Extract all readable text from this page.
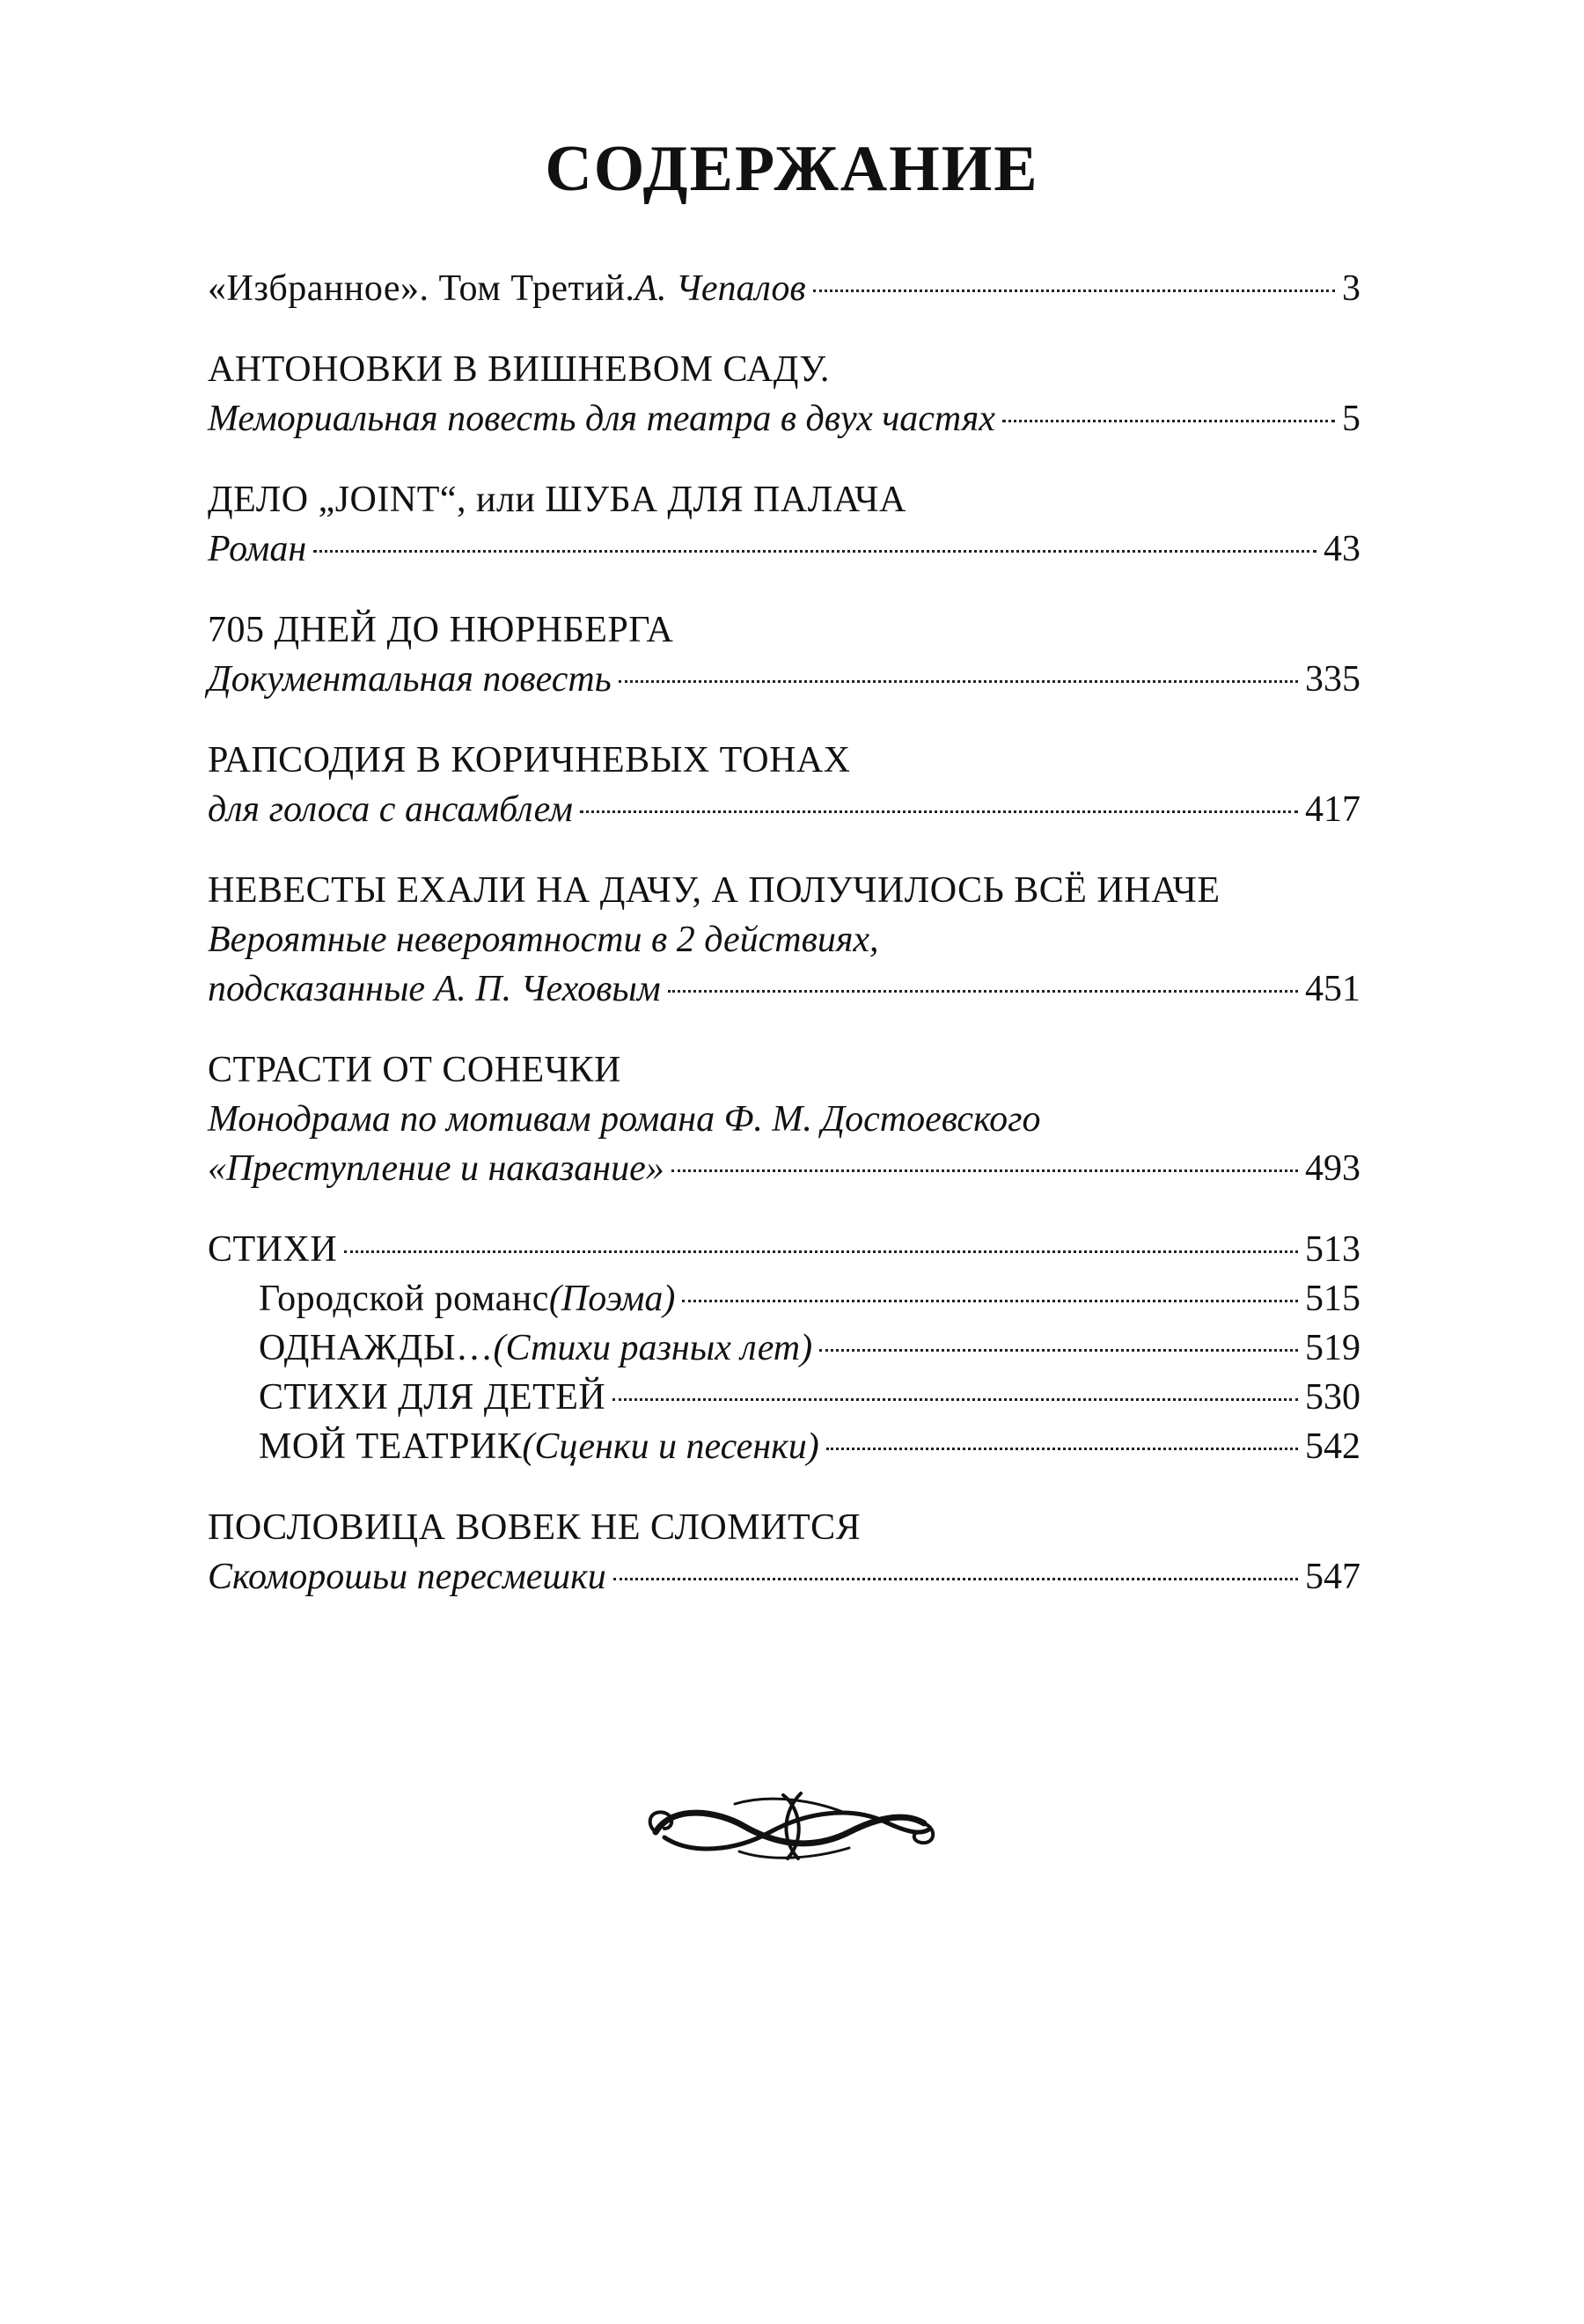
СОДЕРЖАНИЕ
«Избранное». Том Третий. А. Чепалов	3
АНТОНОВКИ В ВИШНЕВОМ САДУ.
Мемориальная повесть для театра в двух частях	5
ДЕЛО „JOINT“, или ШУБА ДЛЯ ПАЛАЧА
Роман	43
705 ДНЕЙ ДО НЮРНБЕРГА
Документальная повесть	335
РАПСОДИЯ В КОРИЧНЕВЫХ ТОНАХ
для голоса с ансамблем	417
НЕВЕСТЫ ЕХАЛИ НА ДАЧУ, А ПОЛУЧИЛОСЬ ВСЁ ИНАЧЕ
Вероятные невероятности в 2 действиях,
подсказанные А. П. Чеховым	451
СТРАСТИ ОТ СОНЕЧКИ
Монодрама по мотивам романа Ф. М. Достоевского
«Преступление и наказание»	493
СТИХИ	513
Городской романс (Поэма)	515
ОДНАЖДЫ… (Стихи разных лет)	519
СТИХИ ДЛЯ ДЕТЕЙ	530
МОЙ ТЕАТРИК (Сценки и песенки)	542
ПОСЛОВИЦА ВОВЕК НЕ СЛОМИТСЯ
Скоморошьи пересмешки	547
